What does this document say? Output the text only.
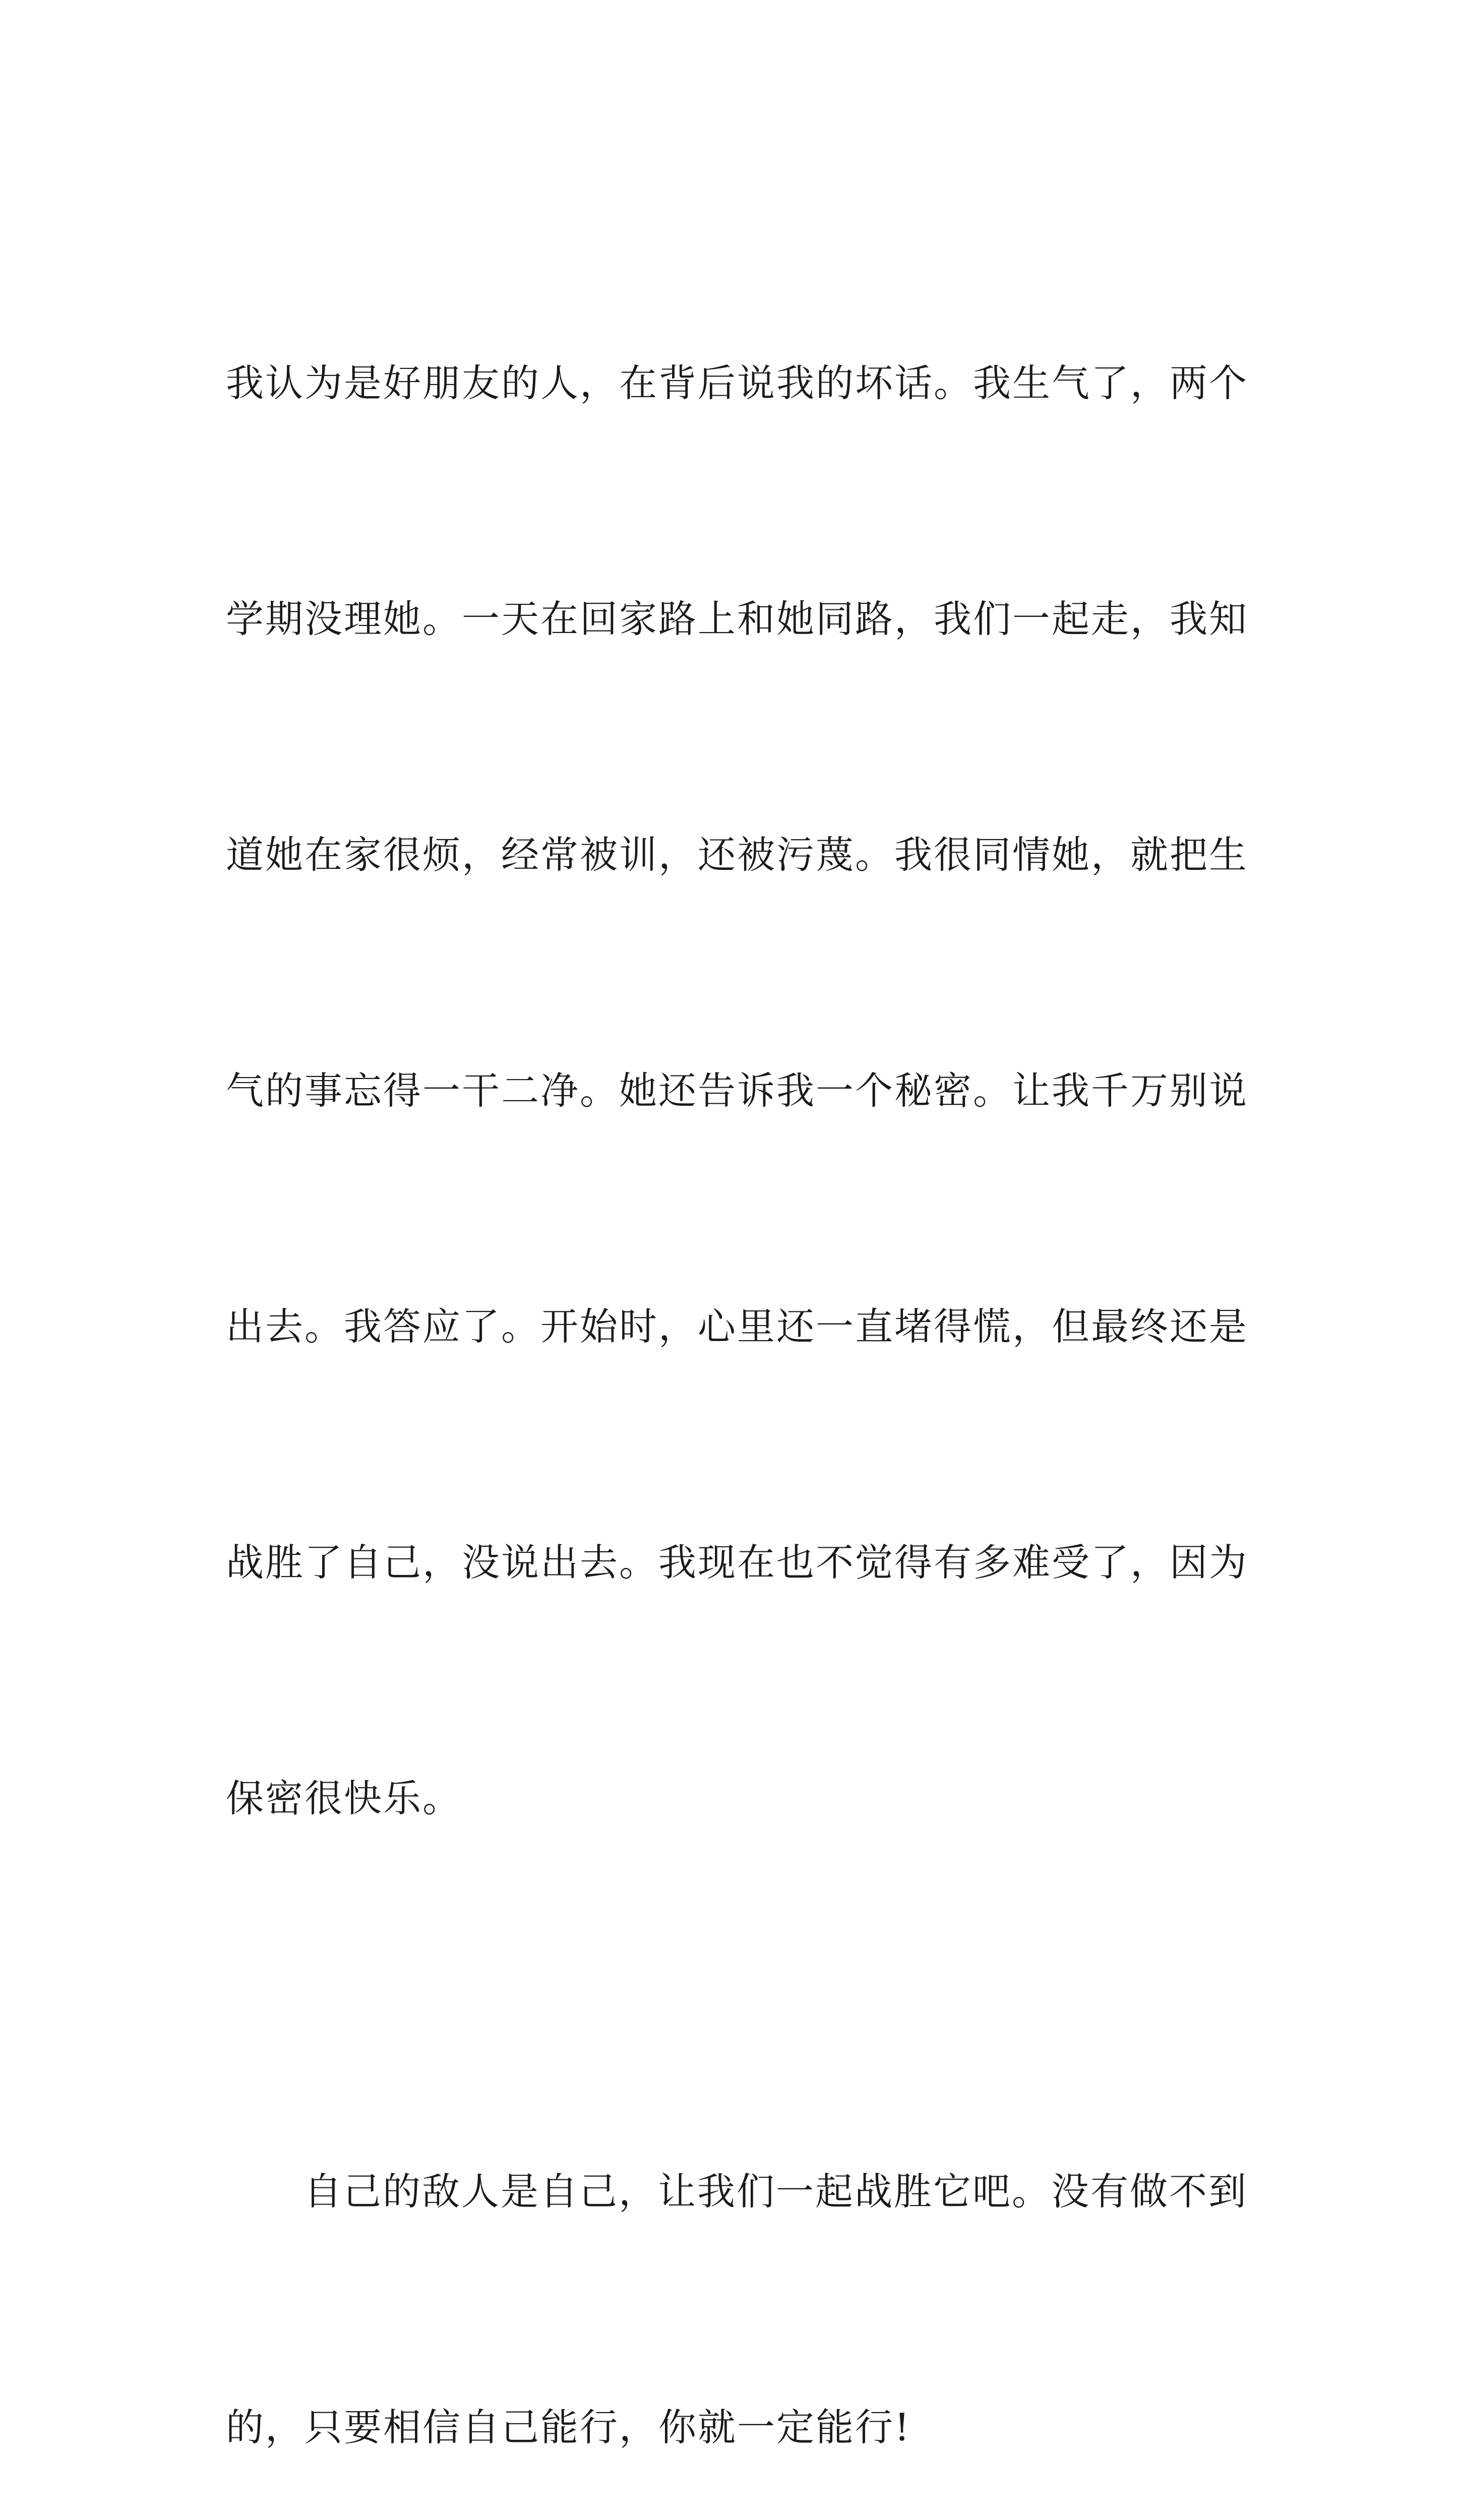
我认为是好朋友的人，在背后说我的坏话。我生气了，两个

学期没理她。一天在回家路上和她同路，我们一起走，我知

道她在家很烦，经常被训，还被污蔑。我很同情她，就把生

气的事忘得一干二净。她还告诉我一个秘密。让我千万别说

出去。我答应了。开始时，心里还一直堵得慌，但最终还是

战胜了自己，没说出去。我现在也不觉得有多难受了，因为

保密很快乐。

自己的敌人是自己，让我们一起战胜它吧。没有做不到

的，只要相信自己能行，你就一定能行!
